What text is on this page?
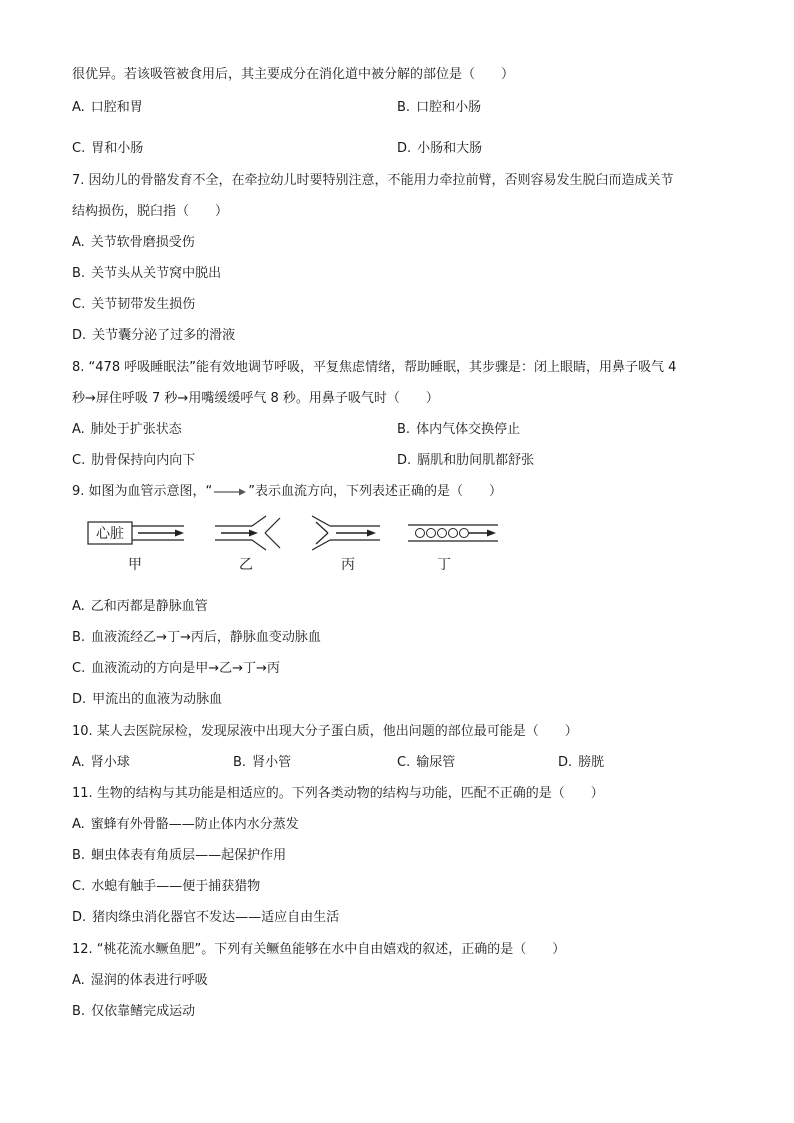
很优异。若该吸管被食用后，其主要成分在消化道中被分解的部位是（　　）
A. 口腔和胃	B. 口腔和小肠
C. 胃和小肠	D. 小肠和大肠
7. 因幼儿的骨骼发育不全，在牵拉幼儿时要特别注意，不能用力牵拉前臂，否则容易发生脱臼而造成关节
结构损伤，脱臼指（　　）
A. 关节软骨磨损受伤
B. 关节头从关节窝中脱出
C. 关节韧带发生损伤
D. 关节囊分泌了过多的滑液
8. “478 呼吸睡眠法”能有效地调节呼吸，平复焦虑情绪，帮助睡眠，其步骤是：闭上眼睛，用鼻子吸气 4
秒→屏住呼吸 7 秒→用嘴缓缓呼气 8 秒。用鼻子吸气时（　　）
A. 肺处于扩张状态	B. 体内气体交换停止
C. 肋骨保持向内向下	D. 膈肌和肋间肌都舒张
9. 如图为血管示意图，“	”表示血流方向，下列表述正确的是（　　）
心脏
甲	乙	丙	丁
A. 乙和丙都是静脉血管
B. 血液流经乙→丁→丙后，静脉血变动脉血
C. 血液流动的方向是甲→乙→丁→丙
D. 甲流出的血液为动脉血
10. 某人去医院尿检，发现尿液中出现大分子蛋白质，他出问题的部位最可能是（　　）
A. 肾小球	B. 肾小管	C. 输尿管	D. 膀胱
11. 生物的结构与其功能是相适应的。下列各类动物的结构与功能，匹配不正确的是（　　）
A. 蜜蜂有外骨骼——防止体内水分蒸发
B. 蛔虫体表有角质层——起保护作用
C. 水螅有触手——便于捕获猎物
D. 猪肉绦虫消化器官不发达——适应自由生活
12. “桃花流水鳜鱼肥”。下列有关鳜鱼能够在水中自由嬉戏的叙述，正确的是（　　）
A. 湿润的体表进行呼吸
B. 仅依靠鳍完成运动
